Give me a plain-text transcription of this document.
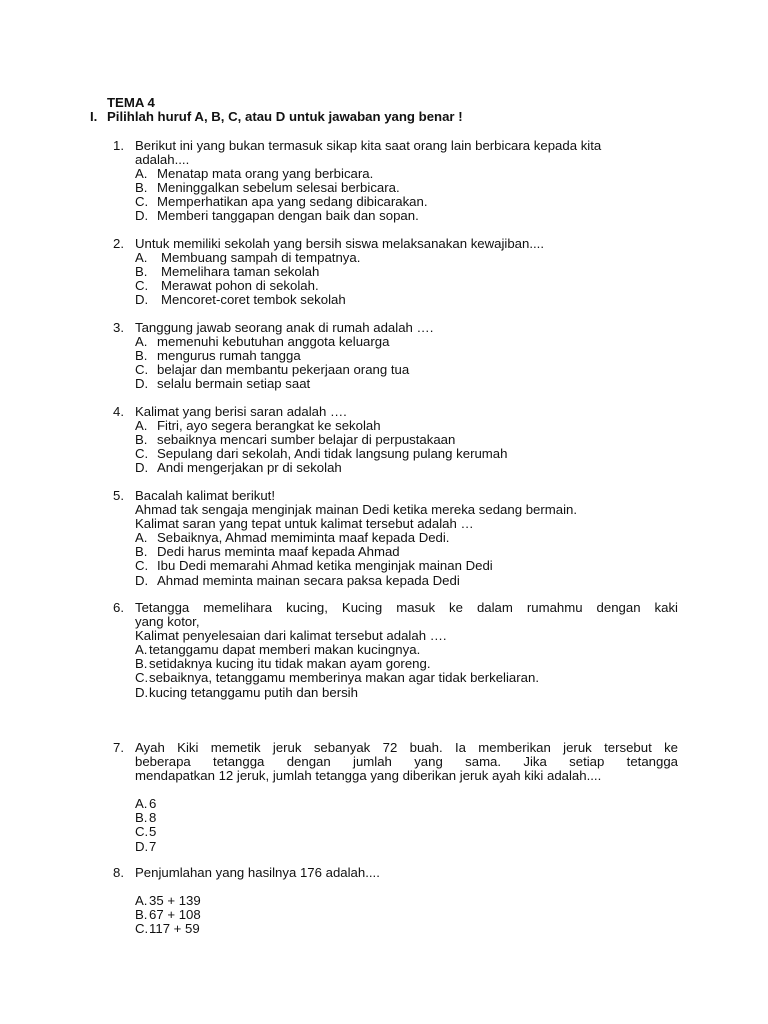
TEMA 4
I. Pilihlah huruf A, B, C, atau D untuk jawaban yang benar !
1. Berikut ini yang bukan termasuk sikap kita saat orang lain berbicara kepada kita
adalah....
A. Menatap mata orang yang berbicara.
B. Meninggalkan sebelum selesai berbicara.
C. Memperhatikan apa yang sedang dibicarakan.
D. Memberi tanggapan dengan baik dan sopan.
2. Untuk memiliki sekolah yang bersih siswa melaksanakan kewajiban....
A. Membuang sampah di tempatnya.
B. Memelihara taman sekolah
C. Merawat pohon di sekolah.
D. Mencoret-coret tembok sekolah
3. Tanggung jawab seorang anak di rumah adalah ….
A. memenuhi kebutuhan anggota keluarga
B. mengurus rumah tangga
C. belajar dan membantu pekerjaan orang tua
D. selalu bermain setiap saat
4. Kalimat yang berisi saran adalah ….
A. Fitri, ayo segera berangkat ke sekolah
B. sebaiknya mencari sumber belajar di perpustakaan
C. Sepulang dari sekolah, Andi tidak langsung pulang kerumah
D. Andi mengerjakan pr di sekolah
5. Bacalah kalimat berikut!
Ahmad tak sengaja menginjak mainan Dedi ketika mereka sedang bermain.
Kalimat saran yang tepat untuk kalimat tersebut adalah …
A. Sebaiknya, Ahmad memiminta maaf kepada Dedi.
B. Dedi harus meminta maaf kepada Ahmad
C. Ibu Dedi memarahi Ahmad ketika menginjak mainan Dedi
D. Ahmad meminta mainan secara paksa kepada Dedi
6. Tetangga memelihara kucing, Kucing masuk ke dalam rumahmu dengan kaki
yang kotor,
Kalimat penyelesaian dari kalimat tersebut adalah ….
A. tetanggamu dapat memberi makan kucingnya.
B. setidaknya kucing itu tidak makan ayam goreng.
C.sebaiknya, tetanggamu memberinya makan agar tidak berkeliaran.
D.kucing tetanggamu putih dan bersih
7. Ayah Kiki memetik jeruk sebanyak 72 buah. Ia memberikan jeruk tersebut ke
beberapa tetangga dengan jumlah yang sama. Jika setiap tetangga
mendapatkan 12 jeruk, jumlah tetangga yang diberikan jeruk ayah kiki adalah....
A. 6
B. 8
C.5
D.7
8. Penjumlahan yang hasilnya 176 adalah....
A. 35 + 139
B. 67 + 108
C.117 + 59
